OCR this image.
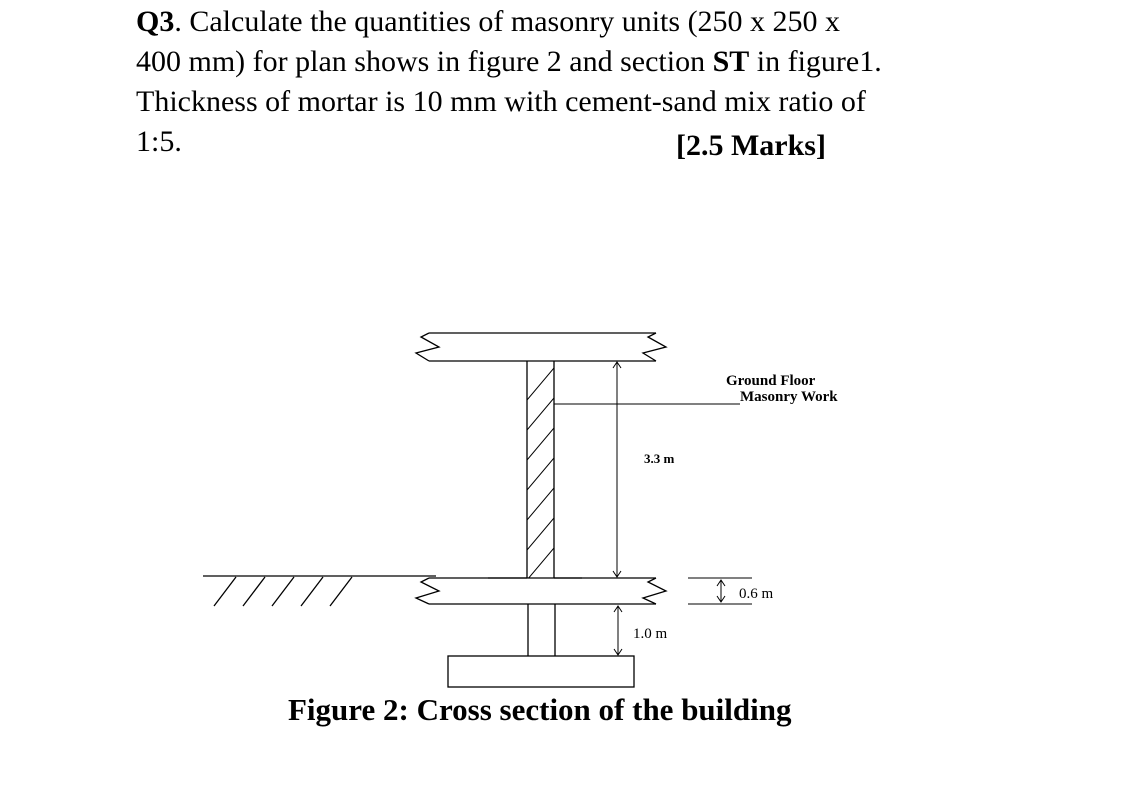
Q3. Calculate the quantities of masonry units (250 x 250 x
400 mm) for plan shows in figure 2 and section ST in figure1.
Thickness of mortar is 10 mm with cement-sand mix ratio of
1:5.	[2.5 Marks]
3.3 m
1.0 m
0.6 m
Ground Floor
Masonry Work
Figure 2: Cross section of the building
